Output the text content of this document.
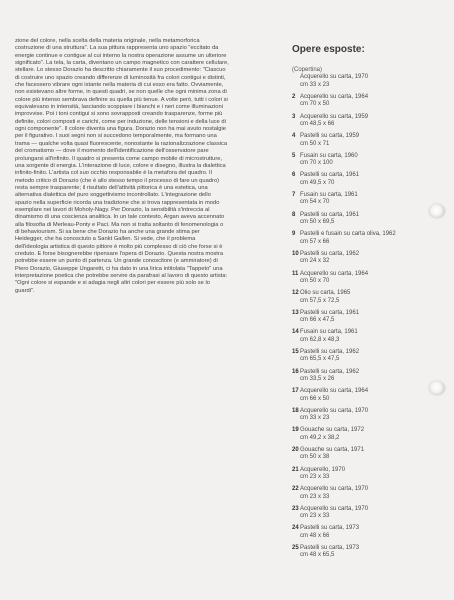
zione del colore, nella scelta della materia originale, nella metamorforica costruzione di una struttura". La sua pittura rappresenta uno spazio "eccitato da energie continue e contigue al cui interno la nostra operazione assume un ulteriore significato". La tela, la carta, diventano un campo magnetico con carattere cellulare, stellare. Lo stesso Dorazio ha descritto chiaramente il suo procedimento: "Ciascuo di costruire uno spazio creando differenze di luminosità fra colori contigui e distinti, che facessero vibrare ogni istante nella materia di cui esso era fatto. Ovviamente, non esistevano altre forme, in questi quadri, se non quelle che ogni minima zona di colore più intenso sembrava definire su quella più tenue. A volte però, tutti i colori si equivalevano in intensità, lasciando scoppiare i bianchi e i neri come illuminazioni improvvise. Poi i toni contigui si sono sovrapposti creando trasparenze, forme più definite, colori composti e carichi, come per induzione, delle tensioni e della luce di ogni componente". Il colore diventa una figura. Dorazio non ha mai avuto nostalgie per il figurativo. I suoi segni non si succedono temporalmente, ma formano una trama — qualche volta quasi fluorescente, nonostante la razionalizzazione classica del cromatismo — dove il momento dell'identificazione dell'osservatore pare prolungarsi all'infinito. Il quadro si presenta come campo mobile di microstrutture, una sorgente di energia. L'interazione di luce, colore e disegno, illustra la dialettica infinito-finito. L'artista col suo occhio responsabile è la metafora del quadro. Il metodo critico di Dorazio (che è allo stesso tempo il processo di fare un quadro) resta sempre trasparente; il risultato dell'attività pittorica è una estetica, una alternativa dialettica del puro soggettivismo incontrollato. L'integrazione dello spazio nella superficie ricorda una tradizione che si trova rappresentata in modo esemplare nei lavori di Moholy-Nagy. Per Dorazio, la sensibilità s'intreccia al dinamismo di una coscienza analitica. In un tale contesto, Argan aveva accennato alla filosofia di Merleau-Ponty e Paci. Ma non si tratta soltanto di fenomenologia o di behaviourism. Si sa bene che Dorazio ha anche una grande stima per Heidegger, che ha conosciuto a Sankt Gallen. Si vede, che il problema dell'ideologia artistica di questo pittore è molto più complesso di ciò che forse si è creduto. E forse bisognerebbe ripensare l'opera di Dorazio. Questa nostra mostra potrebbe essere un punto di partenza. Un grande conoscitore (e ammiratore) di Piero Dorazio, Giuseppe Ungaretti, ci ha dato in una lirica intitolata "Tappeto" una interpretazione poetica che potrebbe servire da parafrasi al lavoro di questo artista: "Ogni colore si espande e si adagia negli altri colori per essere più solo se lo guardi".

Opere esposte:
(Copertina)
Acquerello su carta, 1970
cm 33 x 23
2 Acquerello su carta, 1964
cm 70 x 50
3 Acquerello su carta, 1959
cm 48,5 x 66
4 Pastelli su carta, 1959
cm 50 x 71
5 Fusain su carta, 1960
cm 70 x 100
6 Pastelli su carta, 1961
cm 49,5 x 70
7 Fusain su carta, 1961
cm 54 x 70
8 Pastelli su carta, 1961
cm 50 x 69,5
9 Pastelli e fusain su carta oliva, 1962
cm 57 x 66
10 Pastelli su carta, 1962
cm 24 x 32
11 Acquerello su carta, 1964
cm 50 x 70
12 Olio su carta, 1965
cm 57,5 x 72,5
13 Pastelli su carta, 1961
cm 66 x 47,5
14 Fusain su carta, 1961
cm 62,8 x 48,3
15 Pastelli su carta, 1962
cm 65,5 x 47,5
16 Pastelli su carta, 1962
cm 33,5 x 26
17 Acquerello su carta, 1964
cm 66 x 50
18 Acquerello su carta, 1970
cm 33 x 23
19 Gouache su carta, 1972
cm 49,2 x 38,2
20 Gouache su carta, 1971
cm 50 x 38
21 Acquerello, 1970
cm 23 x 33
22 Acquerello su carta, 1970
cm 23 x 33
23 Acquerello su carta, 1970
cm 23 x 33
24 Pastelli su carta, 1973
cm 48 x 66
25 Pastelli su carta, 1973
cm 48 x 65,5
